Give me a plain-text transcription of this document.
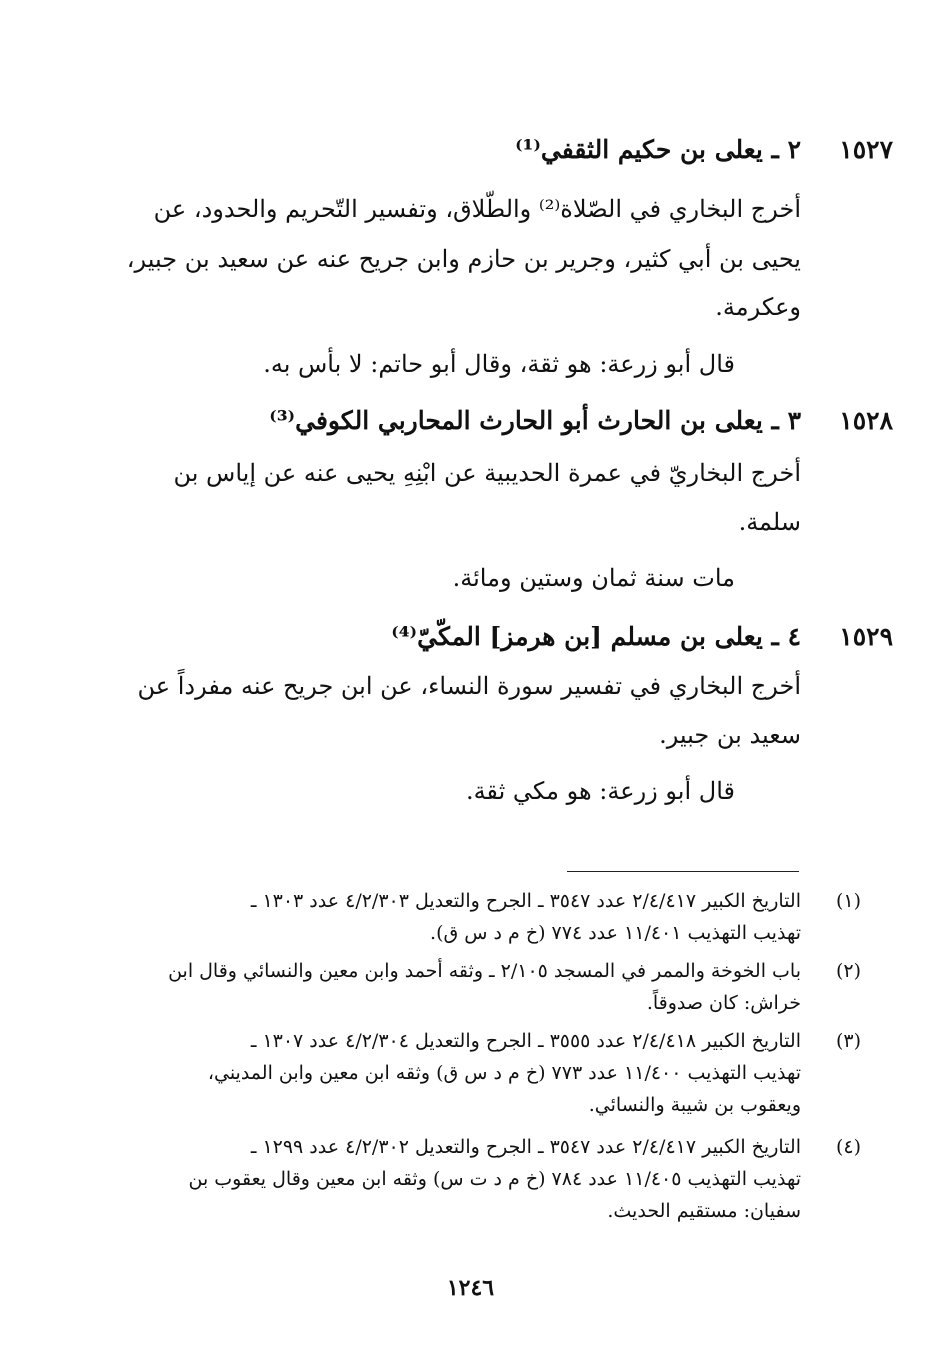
١٥٢٧
٢ ـ يعلى بن حكيم الثقفي⁽¹⁾
أخرج البخاري في الصّلاة⁽²⁾ والطّلاق، وتفسير التّحريم والحدود، عن
يحيى بن أبي كثير، وجرير بن حازم وابن جريح عنه عن سعيد بن جبير،
وعكرمة.
قال أبو زرعة: هو ثقة، وقال أبو حاتم: لا بأس به.
١٥٢٨
٣ ـ يعلى بن الحارث أبو الحارث المحاربي الكوفي⁽³⁾
أخرج البخاريّ في عمرة الحديبية عن ابْنِهِ يحيى عنه عن إياس بن
سلمة.
مات سنة ثمان وستين ومائة.
١٥٢٩
٤ ـ يعلى بن مسلم [بن هرمز] المكّيّ⁽⁴⁾
أخرج البخاري في تفسير سورة النساء، عن ابن جريح عنه مفرداً عن
سعيد بن جبير.
قال أبو زرعة: هو مكي ثقة.
(١)
التاريخ الكبير ٢/٤/٤١٧ عدد ٣٥٤٧ ـ الجرح والتعديل ٤/٢/٣٠٣ عدد ١٣٠٣ ـ
تهذيب التهذيب ١١/٤٠١ عدد ٧٧٤ (خ م د س ق).
(٢)
باب الخوخة والممر في المسجد ٢/١٠٥ ـ وثقه أحمد وابن معين والنسائي وقال ابن
خراش: كان صدوقاً.
(٣)
التاريخ الكبير ٢/٤/٤١٨ عدد ٣٥٥٥ ـ الجرح والتعديل ٤/٢/٣٠٤ عدد ١٣٠٧ ـ
تهذيب التهذيب ١١/٤٠٠ عدد ٧٧٣ (خ م د س ق) وثقه ابن معين وابن المديني،
ويعقوب بن شيبة والنسائي.
(٤)
التاريخ الكبير ٢/٤/٤١٧ عدد ٣٥٤٧ ـ الجرح والتعديل ٤/٢/٣٠٢ عدد ١٢٩٩ ـ
تهذيب التهذيب ١١/٤٠٥ عدد ٧٨٤ (خ م د ت س) وثقه ابن معين وقال يعقوب بن
سفيان: مستقيم الحديث.
١٢٤٦
